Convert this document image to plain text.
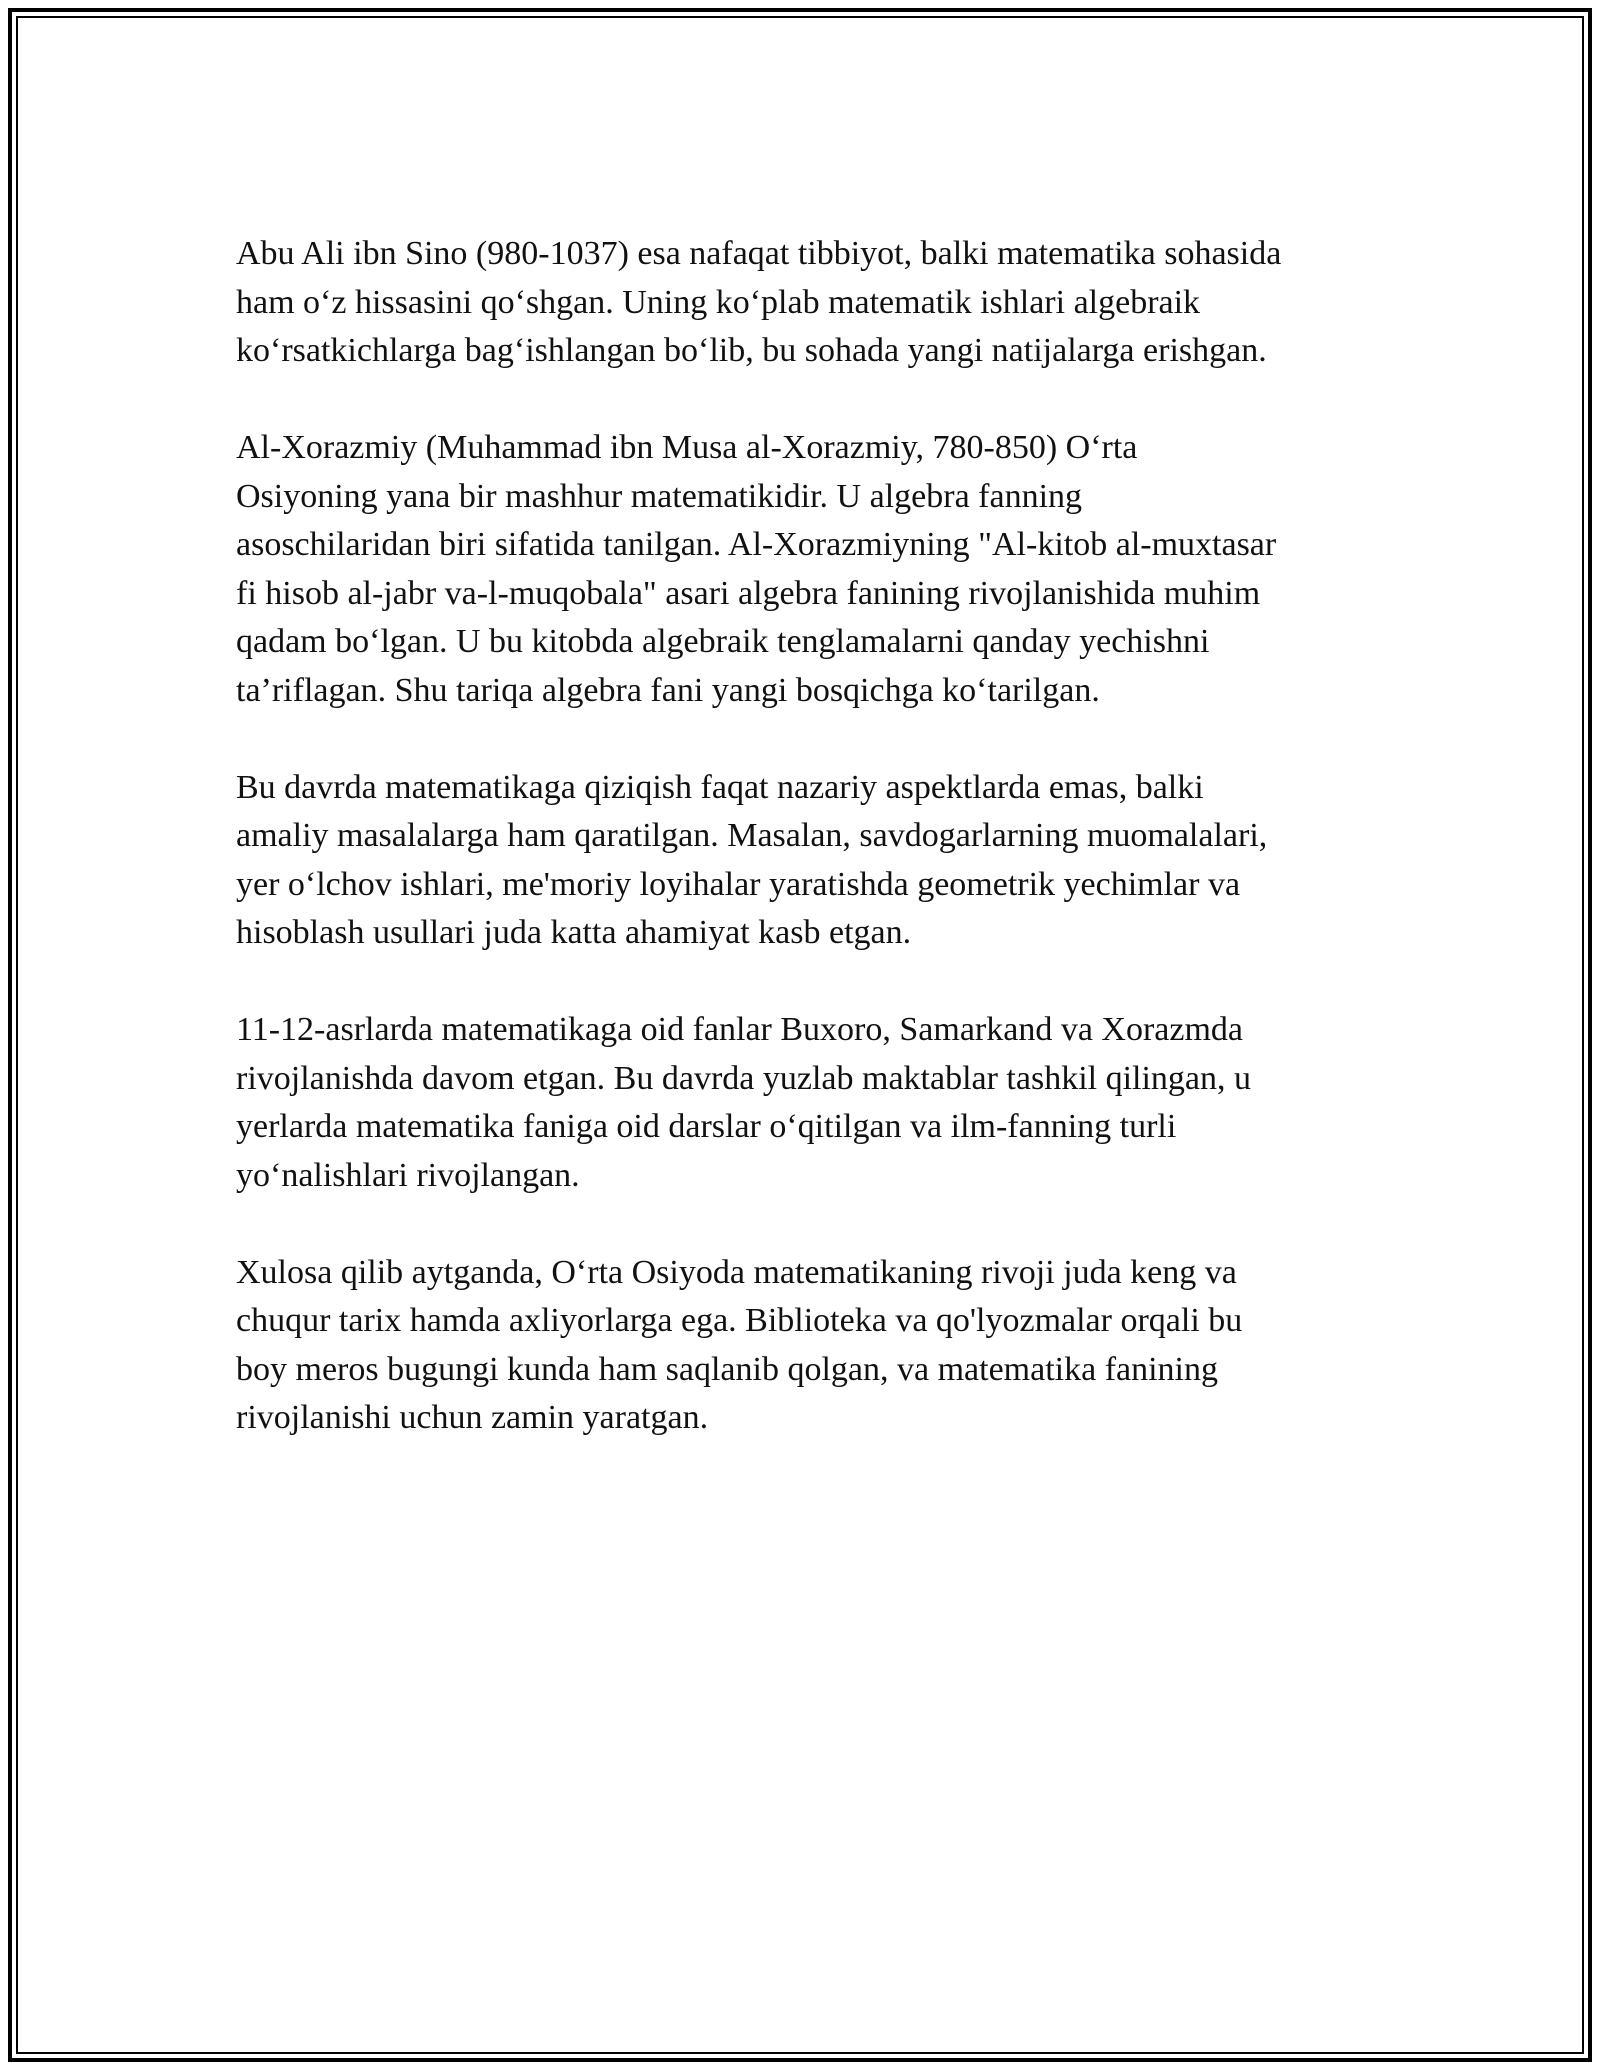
Abu Ali ibn Sino (980-1037) esa nafaqat tibbiyot, balki matematika sohasida
ham o‘z hissasini qo‘shgan. Uning ko‘plab matematik ishlari algebraik
ko‘rsatkichlarga bag‘ishlangan bo‘lib, bu sohada yangi natijalarga erishgan.

Al-Xorazmiy (Muhammad ibn Musa al-Xorazmiy, 780-850) O‘rta
Osiyoning yana bir mashhur matematikidir. U algebra fanning
asoschilaridan biri sifatida tanilgan. Al-Xorazmiyning "Al-kitob al-muxtasar
fi hisob al-jabr va-l-muqobala" asari algebra fanining rivojlanishida muhim
qadam bo‘lgan. U bu kitobda algebraik tenglamalarni qanday yechishni
ta’riflagan. Shu tariqa algebra fani yangi bosqichga ko‘tarilgan.

Bu davrda matematikaga qiziqish faqat nazariy aspektlarda emas, balki
amaliy masalalarga ham qaratilgan. Masalan, savdogarlarning muomalalari,
yer o‘lchov ishlari, me'moriy loyihalar yaratishda geometrik yechimlar va
hisoblash usullari juda katta ahamiyat kasb etgan.

11-12-asrlarda matematikaga oid fanlar Buxoro, Samarkand va Xorazmda
rivojlanishda davom etgan. Bu davrda yuzlab maktablar tashkil qilingan, u
yerlarda matematika faniga oid darslar o‘qitilgan va ilm-fanning turli
yo‘nalishlari rivojlangan.

Xulosa qilib aytganda, O‘rta Osiyoda matematikaning rivoji juda keng va
chuqur tarix hamda axliyorlarga ega. Biblioteka va qo'lyozmalar orqali bu
boy meros bugungi kunda ham saqlanib qolgan, va matematika fanining
rivojlanishi uchun zamin yaratgan.
